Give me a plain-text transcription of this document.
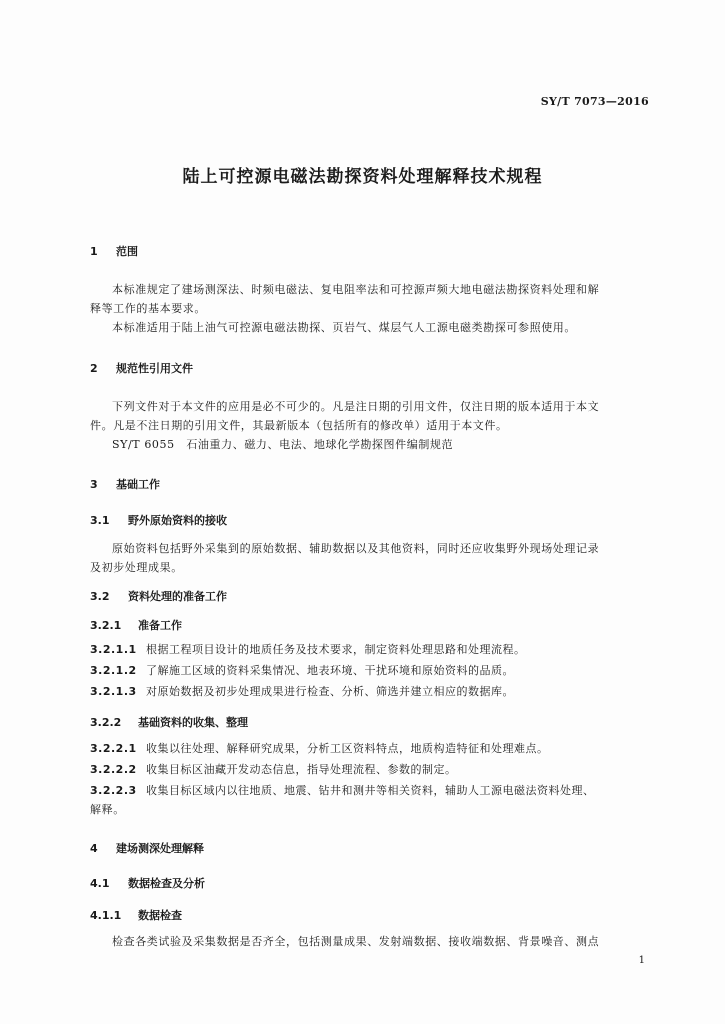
SY/T 7073—2016
陆上可控源电磁法勘探资料处理解释技术规程
1 范围
本标准规定了建场测深法、时频电磁法、复电阻率法和可控源声频大地电磁法勘探资料处理和解
释等工作的基本要求。
本标准适用于陆上油气可控源电磁法勘探、页岩气、煤层气人工源电磁类勘探可参照使用。
2 规范性引用文件
下列文件对于本文件的应用是必不可少的。凡是注日期的引用文件，仅注日期的版本适用于本文
件。凡是不注日期的引用文件，其最新版本（包括所有的修改单）适用于本文件。
SY/T 6055　石油重力、磁力、电法、地球化学勘探图件编制规范
3 基础工作
3.1 野外原始资料的接收
原始资料包括野外采集到的原始数据、辅助数据以及其他资料，同时还应收集野外现场处理记录
及初步处理成果。
3.2 资料处理的准备工作
3.2.1 准备工作
3.2.1.1 根据工程项目设计的地质任务及技术要求，制定资料处理思路和处理流程。
3.2.1.2 了解施工区域的资料采集情况、地表环境、干扰环境和原始资料的品质。
3.2.1.3 对原始数据及初步处理成果进行检查、分析、筛选并建立相应的数据库。
3.2.2 基础资料的收集、整理
3.2.2.1 收集以往处理、解释研究成果，分析工区资料特点，地质构造特征和处理难点。
3.2.2.2 收集目标区油藏开发动态信息，指导处理流程、参数的制定。
3.2.2.3 收集目标区域内以往地质、地震、钻井和测井等相关资料，辅助人工源电磁法资料处理、
解释。
4 建场测深处理解释
4.1 数据检查及分析
4.1.1 数据检查
检查各类试验及采集数据是否齐全，包括测量成果、发射端数据、接收端数据、背景噪音、测点
1
